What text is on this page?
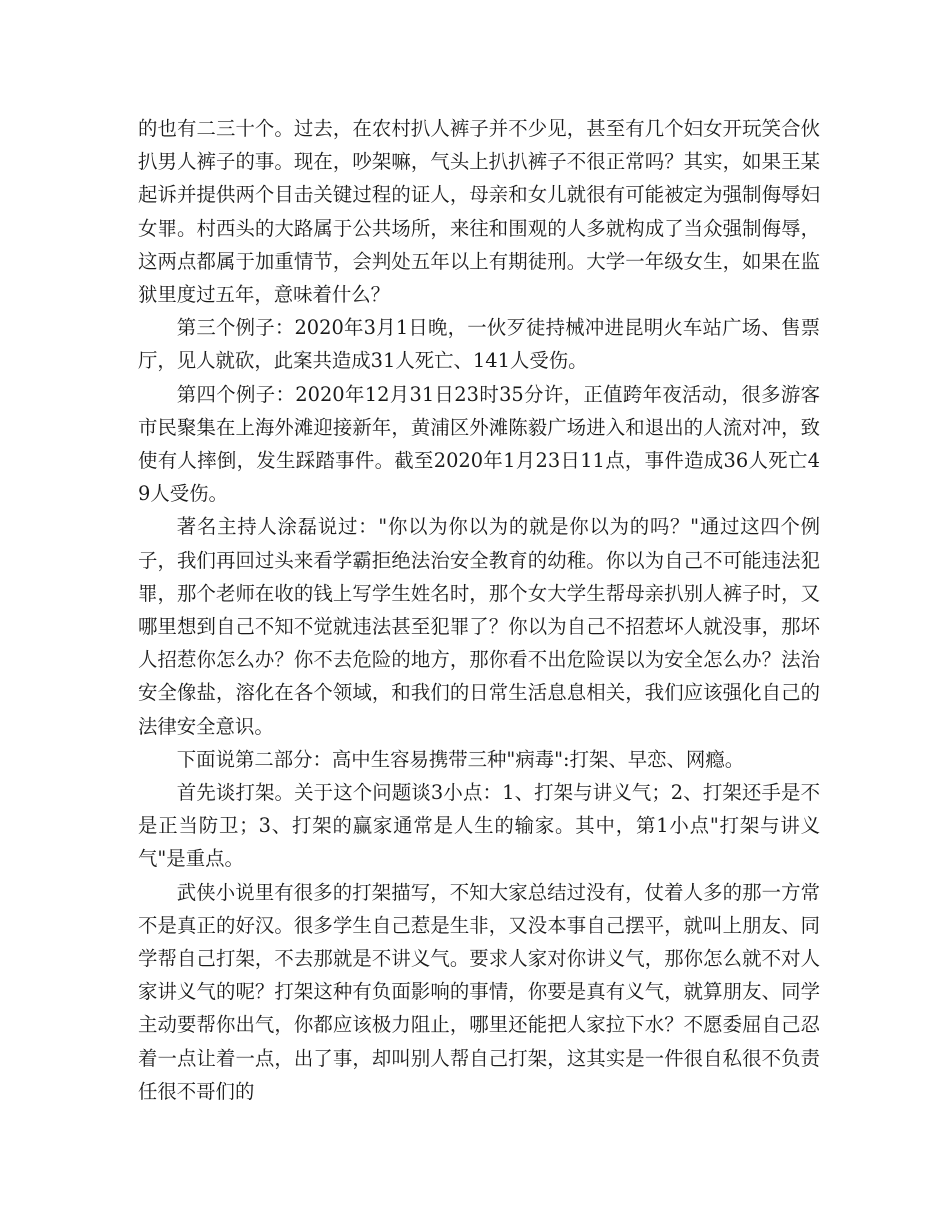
的也有二三十个。过去，在农村扒人裤子并不少见，甚至有几个妇女开玩笑合伙扒男人裤子的事。现在，吵架嘛，气头上扒扒裤子不很正常吗？其实，如果王某起诉并提供两个目击关键过程的证人，母亲和女儿就很有可能被定为强制侮辱妇女罪。村西头的大路属于公共场所，来往和围观的人多就构成了当众强制侮辱，这两点都属于加重情节，会判处五年以上有期徒刑。大学一年级女生，如果在监狱里度过五年，意味着什么？

第三个例子：2020年3月1日晚，一伙歹徒持械冲进昆明火车站广场、售票厅，见人就砍，此案共造成31人死亡、141人受伤。

第四个例子：2020年12月31日23时35分许，正值跨年夜活动，很多游客市民聚集在上海外滩迎接新年，黄浦区外滩陈毅广场进入和退出的人流对冲，致使有人摔倒，发生踩踏事件。截至2020年1月23日11点，事件造成36人死亡49人受伤。

著名主持人涂磊说过："你以为你以为的就是你以为的吗？"通过这四个例子，我们再回过头来看学霸拒绝法治安全教育的幼稚。你以为自己不可能违法犯罪，那个老师在收的钱上写学生姓名时，那个女大学生帮母亲扒别人裤子时，又哪里想到自己不知不觉就违法甚至犯罪了？你以为自己不招惹坏人就没事，那坏人招惹你怎么办？你不去危险的地方，那你看不出危险误以为安全怎么办？法治安全像盐，溶化在各个领域，和我们的日常生活息息相关，我们应该强化自己的法律安全意识。

下面说第二部分：高中生容易携带三种"病毒":打架、早恋、网瘾。

首先谈打架。关于这个问题谈3小点：1、打架与讲义气；2、打架还手是不是正当防卫；3、打架的赢家通常是人生的输家。其中，第1小点"打架与讲义气"是重点。

武侠小说里有很多的打架描写，不知大家总结过没有，仗着人多的那一方常不是真正的好汉。很多学生自己惹是生非，又没本事自己摆平，就叫上朋友、同学帮自己打架，不去那就是不讲义气。要求人家对你讲义气，那你怎么就不对人家讲义气的呢？打架这种有负面影响的事情，你要是真有义气，就算朋友、同学主动要帮你出气，你都应该极力阻止，哪里还能把人家拉下水？不愿委屈自己忍着一点让着一点，出了事，却叫别人帮自己打架，这其实是一件很自私很不负责任很不哥们的
